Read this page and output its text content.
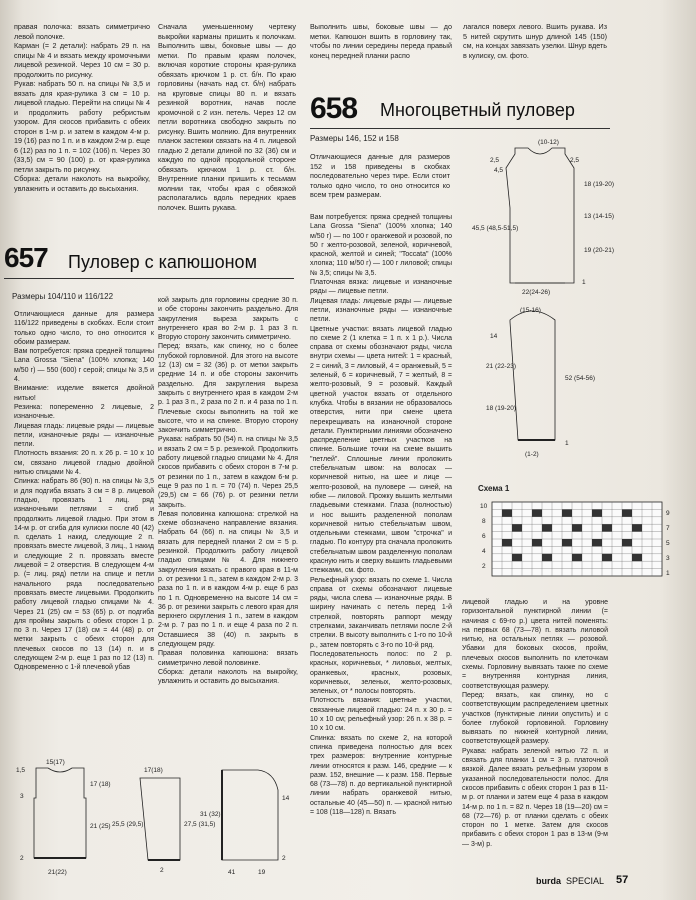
правая полочка: вязать симметрично левой полочке.
Карман (= 2 детали): набрать 29 п. на спицы № 4 и вязать между кромочными лицевой резинкой. Через 10 см = 30 р. продолжить по рисунку.
Рукав: набрать 50 п. на спицы № 3,5 и вязать для края-рулика 3 см = 10 р. лицевой гладью. Перейти на спицы № 4 и продолжить работу ребристым узором. Для скосов прибавить с обеих сторон в 1-м р. и затем в каждом 4-м р. 19 (16) раз по 1 п. и в каждом 2-м р. еще 6 (12) раз по 1 п. = 102 (106) п. Через 30 (33,5) см = 90 (100) р. от края-рулика петли закрыть по рисунку.
Сборка: детали наколоть на выкройку, увлажнить и оставить до высыхания.

Сначала уменьшенному чертежу выкройки карманы пришить к полочкам. Выполнить швы, боковые швы — до метки. По правым краям полочек, включая короткие стороны края-рулика обвязать крючком 1 р. ст. б/н. По краю горловины (начать над ст. б/н) набрать на круговые спицы 80 п. и вязать резинкой воротник, начав после кромочной с 2 изн. петель. Через 12 см петли воротника свободно закрыть по рисунку. Вшить молнию. Для внутренних планок застежки связать на 4 п. лицевой гладью 2 детали длиной по 32 (36) см и каждую по одной продольной стороне обвязать крючком 1 р. ст. б/н. Внутренние планки пришить к тесьмам молнии так, чтобы края с обвязкой располагались вдоль передних краев полочек. Вшить рукава.

Выполнить швы, боковые швы — до метки. Капюшон вшить в горловину так, чтобы по линии середины переда правый конец передней планки распо

лагался поверх левого. Вшить рукава. Из 5 нитей скрутить шнур длиной 145 (150) см, на концах завязать узелки. Шнур вдеть в кулиску, см. фото.

658 Многоцветный пуловер
Размеры 146, 152 и 158

Отличающиеся данные для размеров 152 и 158 приведены в скобках последовательно через тире. Если стоит только одно число, то оно относится ко всем трем размерам.

Вам потребуется: пряжа средней толщины Lana Grossa "Siena" (100% хлопка; 140 м/50 г) — по 100 г оранжевой и розовой, по 50 г желто-розовой, зеленой, коричневой, красной, желтой и синей; "Toccata" (100% хлопка; 110 м/50 г) — 100 г лиловой; спицы № 3,5; спицы № 3,5.
Платочная вязка: лицевые и изнаночные ряды — лицевые петли.
Лицевая гладь: лицевые ряды — лицевые петли, изнаночные ряды — изнаночные петли.
Цветные участки: вязать лицевой гладью по схеме 2 (1 клетка = 1 п. x 1 р.). Числа справа от схемы обозначают ряды, числа внутри схемы — цвета нитей: 1 = красный, 2 = синий, 3 = лиловый, 4 = оранжевый, 5 = зеленый, 6 = коричневый, 7 = желтый, 8 = желто-розовый, 9 = розовый. Каждый цветной участок вязать от отдельного клубка. Чтобы в вязании не образовалось отверстия, нити при смене цвета перекрещивать на изнаночной стороне детали. Пунктирными линиями обозначено распределение цветных участков на спинке. Большие точки на схеме вышить "петлей". Сплошные линии проложить стебельчатым швом: на волосах — коричневой нитью, на шее и лице — желто-розовой, на пуловере — синей, на юбке — лиловой. Прожку вышить желтыми гладьевыми стежками. Глаза (полностью) и нос вышить разделенной пополам коричневой нитью стебельчатым швом, отдельными стежками, швом "строчка" и гладью. По контуру рта сначала проложить стебельчатым швом разделенную пополам красную нить и сверху вышить гладьевыми стежками, см. фото.
Рельефный узор: вязать по схеме 1. Числа справа от схемы обозначают лицевые ряды, числа слева — изнаночные ряды. В ширину начинать с петель перед 1-й стрелкой, повторять раппорт между стрелками, заканчивать петлями после 2-й стрелки. В высоту выполнить с 1-го по 10-й р., затем повторять с 3-го по 10-й ряд.
Последовательность полос: по 2 р. красных, коричневых, * лиловых, желтых, оранжевых, красных, розовых, коричневых, зеленых, желто-розовых, зеленых, от * полосы повторять.
Плотность вязания: цветные участки, связанные лицевой гладью: 24 п. x 30 р. = 10 x 10 см; рельефный узор: 26 п. x 38 р. = 10 x 10 см.
Спинка: вязать по схеме 2, на которой спинка приведена полностью для всех трех размеров: внутренние контурные линии относятся к разм. 146, средние — к разм. 152, внешние — к разм. 158. Первые 68 (73—78) п. до вертикальной пунктирной линии набрать оранжевой нитью, остальные 40 (45—50) п. — красной нитью = 108 (118—128) п. Вязать

657 Пуловер с капюшоном
Размеры 104/110 и 116/122

Отличающиеся данные для размера 116/122 приведены в скобках. Если стоит только одно число, то оно относится к обоим размерам.
Вам потребуется: пряжа средней толщины Lana Grossa "Siena" (100% хлопка; 140 м/50 г) — 550 (600) г серой; спицы № 3,5 и 4.
Внимание: изделие вяжется двойной нитью!
Резинка: попеременно 2 лицевые, 2 изнаночные.
Лицевая гладь: лицевые ряды — лицевые петли, изнаночные ряды — изнаночные петли.
Плотность вязания: 20 п. x 26 р. = 10 x 10 см, связано лицевой гладью двойной нитью спицами № 4.
Спинка: набрать 86 (90) п. на спицы № 3,5 и для подгиба вязать 3 см = 8 р. лицевой гладью, провязать 1 лиц. ряд изнаночными петлями = сгиб и продолжить лицевой гладью. При этом в 14-м р. от сгиба для кулиски после 40 (42) п. сделать 1 накид, следующие 2 п. провязать вместе лицевой, 3 лиц., 1 накид и следующие 2 п. провязать вместе лицевой = 2 отверстия. В следующем 4-м р. (= лиц. ряд) петли на спице и петли начального ряда последовательно провязать вместе лицевыми. Продолжить работу лицевой гладью спицами № 4. Через 21 (25) см = 53 (65) р. от подгиба для проймы закрыть с обеих сторон 1 р. по 3 п. Через 17 (18) см = 44 (48) р. от метки закрыть с обеих сторон для плечевых скосов по 13 (14) п. и в следующем 2-м р. еще 1 раз по 12 (13) п. Одновременно с 1-й плечевой убав

кой закрыть для горловины средние 30 п. и обе стороны закончить раздельно. Для закругления выреза закрыть с внутреннего края во 2-м р. 1 раз 3 п. Вторую сторону закончить симметрично.
Перед: вязать, как спинку, но с более глубокой горловиной. Для этого на высоте 12 (13) см = 32 (36) р. от метки закрыть средние 14 п. и обе стороны закончить раздельно. Для закругления выреза закрыть с внутреннего края в каждом 2-м р. 1 раз 3 п., 2 раза по 2 п. и 4 раза по 1 п. Плечевые скосы выполнить на той же высоте, что и на спинке. Вторую сторону закончить симметрично.
Рукава: набрать 50 (54) п. на спицы № 3,5 и вязать 2 см = 5 р. резинкой. Продолжить работу лицевой гладью спицами № 4. Для скосов прибавить с обеих сторон в 7-м р. от резинки по 1 п., затем в каждом 6-м р. еще 9 раз по 1 п. = 70 (74) п. Через 25,5 (29,5) см = 66 (76) р. от резинки петли закрыть.
Левая половинка капюшона: стрелкой на схеме обозначено направление вязания. Набрать 64 (66) п. на спицы № 3,5 и вязать для передней планки 2 см = 5 р. резинкой. Продолжить работу лицевой гладью спицами № 4. Для нижнего закругления вязать с правого края в 11-м р. от резинки 1 п., затем в каждом 2-м р. 3 раза по 1 п. и в каждом 4-м р. еще 6 раз по 1 п. Одновременно на высоте 14 см = 36 р. от резинки закрыть с левого края для верхнего скругления 1 п., затем в каждом 2-м р. 7 раз по 1 п. и еще 4 раза по 2 п. Оставшиеся 38 (40) п. закрыть в следующем ряду.
Правая половинка капюшона: вязать симметрично левой половинке.
Сборка: детали наколоть на выкройку, увлажнить и оставить до высыхания.

(10-12)
2,5
4,5
2,5
18 (19-20)
13 (14-15)
19 (20-21)
45,5 (48,5-51,5)
22(24-26)
1
(15-16)
14
21 (22-23)
18 (19-20)
52 (54-56)
(1-2)
1
Схема 1
10
8
6
4
2
9
7
5
3
1

лицевой гладью и на уровне горизонтальной пунктирной линии (= начиная с 69-го р.) цвета нитей поменять: на первых 68 (73—78) п. вязать лиловой нитью, на остальных петлях — розовой. Убавки для боковых скосов, пройм, плечевых скосов выполнить по клеточкам схемы. Горловину вывязать также по схеме = внутренняя контурная линия, соответствующая размеру.
Перед: вязать, как спинку, но с соответствующим распределением цветных участков (пунктирные линии опустить) и с более глубокой горловиной. Горловину вывязать по нижней контурной линии, соответствующей размеру.
Рукава: набрать зеленой нитью 72 п. и связать для планки 1 см = 3 р. платочной вязкой. Далее вязать рельефным узором в указанной последовательности полос. Для скосов прибавить с обеих сторон 1 раз в 11-м р. от планки и затем еще 4 раза в каждом 14-м р. по 1 п. = 82 п. Через 18 (19—20) см = 68 (72—76) р. от планки сделать с обеих сторон по 1 метке. Затем для скосов прибавить с обеих сторон 1 раз в 13-м (9-м — 3-м) р.

15(17)
1,5
17 (18)
21 (25)
21(22)
3
2
17(18)
25,5 (29,5)	27,5 (31,5)
2
31 (32)
14
2
41	19
burda SPECIAL 57
